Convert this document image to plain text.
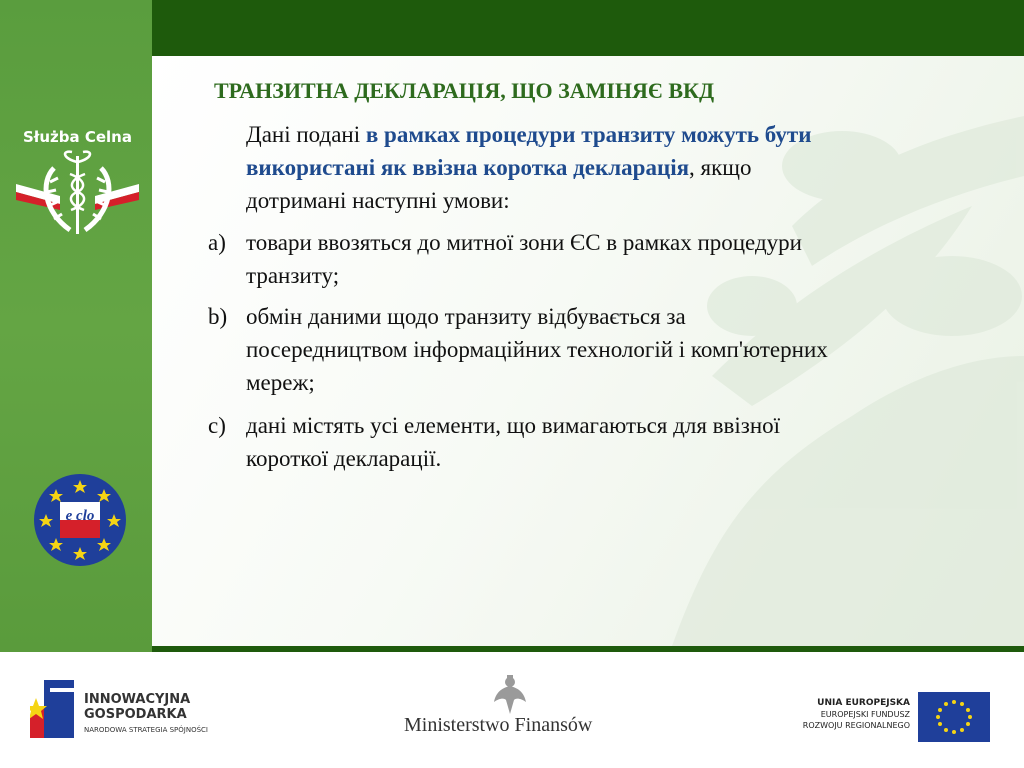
Służba Celna
e clo
ТРАНЗИТНА ДЕКЛАРАЦІЯ, ЩО ЗАМІНЯЄ ВКД
Дані подані в рамках процедури транзиту можуть бути використані як ввізна коротка декларація, якщо дотримані наступні умови:
a) товари ввозяться до митної зони ЄС в рамках процедури транзиту;
b) обмін даними щодо транзиту відбувається за посередництвом інформаційних технологій і комп'ютерних мереж;
c) дані містять усі елементи, що вимагаються для ввізної короткої декларації.
INNOWACYJNA
GOSPODARKA
NARODOWA STRATEGIA SPÓJNOŚCI	Ministerstwo Finansów
UNIA EUROPEJSKA
EUROPEJSKI FUNDUSZ
ROZWOJU REGIONALNEGO
